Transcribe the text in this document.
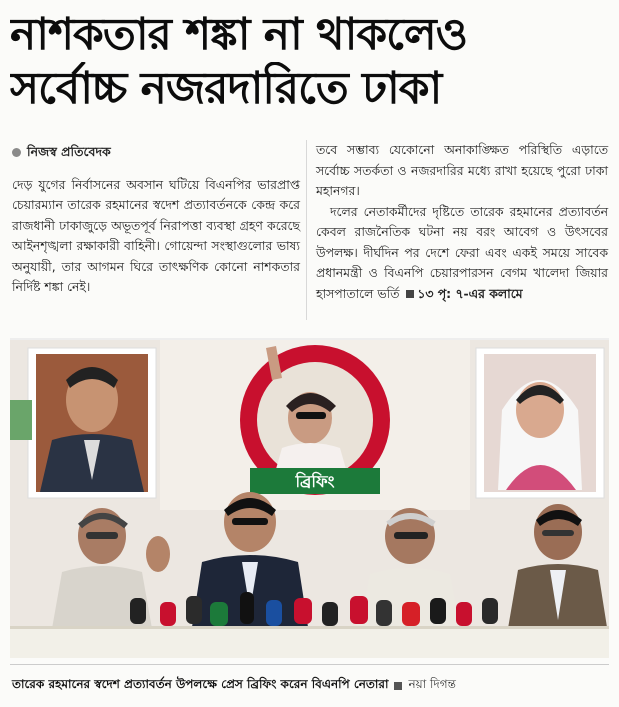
নাশকতার শঙ্কা না থাকলেও
সর্বোচ্চ নজরদারিতে ঢাকা
নিজস্ব প্রতিবেদক

দেড় যুগের নির্বাসনের অবসান ঘটিয়ে বিএনপির ভারপ্রাপ্ত চেয়ারম্যান তারেক রহমানের স্বদেশ প্রত্যাবর্তনকে কেন্দ্র করে রাজধানী ঢাকাজুড়ে অভূতপূর্ব নিরাপত্তা ব্যবস্থা গ্রহণ করেছে আইনশৃঙ্খলা রক্ষাকারী বাহিনী। গোয়েন্দা সংস্থাগুলোর ভাষ্য অনুযায়ী, তার আগমন ঘিরে তাৎক্ষণিক কোনো নাশকতার নির্দিষ্ট শঙ্কা নেই।

তবে সম্ভাব্য যেকোনো অনাকাঙ্ক্ষিত পরিস্থিতি এড়াতে সর্বোচ্চ সতর্কতা ও নজরদারির মধ্যে রাখা হয়েছে পুরো ঢাকা মহানগর।

দলের নেতাকর্মীদের দৃষ্টিতে তারেক রহমানের প্রত্যাবর্তন কেবল রাজনৈতিক ঘটনা নয় বরং আবেগ ও উৎসবের উপলক্ষ। দীর্ঘদিন পর দেশে ফেরা এবং একই সময়ে সাবেক প্রধানমন্ত্রী ও বিএনপি চেয়ারপারসন বেগম খালেদা জিয়ার হাসপাতালে ভর্তি ১৩ পৃ: ৭-এর কলামে

ব্রিফিং
তারেক রহমানের স্বদেশ প্রত্যাবর্তন উপলক্ষে প্রেস ব্রিফিং করেন বিএনপি নেতারা নয়া দিগন্ত
